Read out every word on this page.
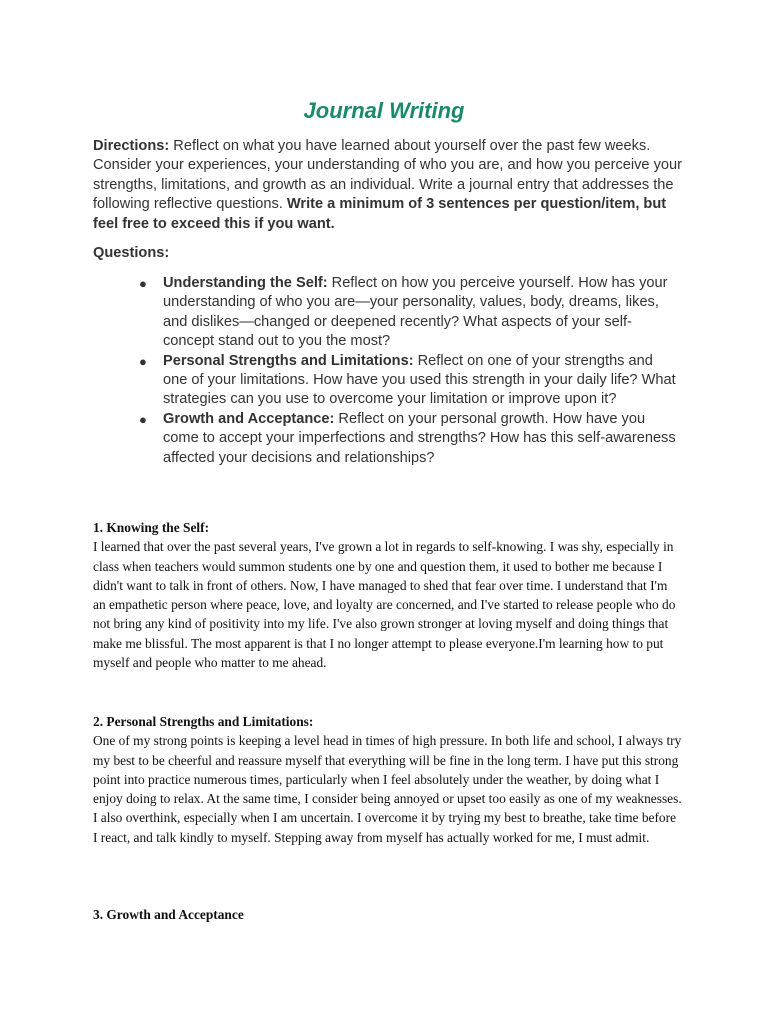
Journal Writing

Directions: Reflect on what you have learned about yourself over the past few weeks. Consider your experiences, your understanding of who you are, and how you perceive your strengths, limitations, and growth as an individual. Write a journal entry that addresses the following reflective questions. Write a minimum of 3 sentences per question/item, but feel free to exceed this if you want.

Questions:

● Understanding the Self: Reflect on how you perceive yourself. How has your understanding of who you are—your personality, values, body, dreams, likes, and dislikes—changed or deepened recently? What aspects of your self-concept stand out to you the most?
● Personal Strengths and Limitations: Reflect on one of your strengths and one of your limitations. How have you used this strength in your daily life? What strategies can you use to overcome your limitation or improve upon it?
● Growth and Acceptance: Reflect on your personal growth. How have you come to accept your imperfections and strengths? How has this self-awareness affected your decisions and relationships?
1. Knowing the Self:

I learned that over the past several years, I've grown a lot in regards to self-knowing. I was shy, especially in class when teachers would summon students one by one and question them, it used to bother me because I didn't want to talk in front of others. Now, I have managed to shed that fear over time. I understand that I'm an empathetic person where peace, love, and loyalty are concerned, and I've started to release people who do not bring any kind of positivity into my life. I've also grown stronger at loving myself and doing things that make me blissful. The most apparent is that I no longer attempt to please everyone.I'm learning how to put myself and people who matter to me ahead.

2. Personal Strengths and Limitations:

One of my strong points is keeping a level head in times of high pressure. In both life and school, I always try my best to be cheerful and reassure myself that everything will be fine in the long term. I have put this strong point into practice numerous times, particularly when I feel absolutely under the weather, by doing what I enjoy doing to relax. At the same time, I consider being annoyed or upset too easily as one of my weaknesses. I also overthink, especially when I am uncertain. I overcome it by trying my best to breathe, take time before I react, and talk kindly to myself. Stepping away from myself has actually worked for me, I must admit.

3. Growth and Acceptance
